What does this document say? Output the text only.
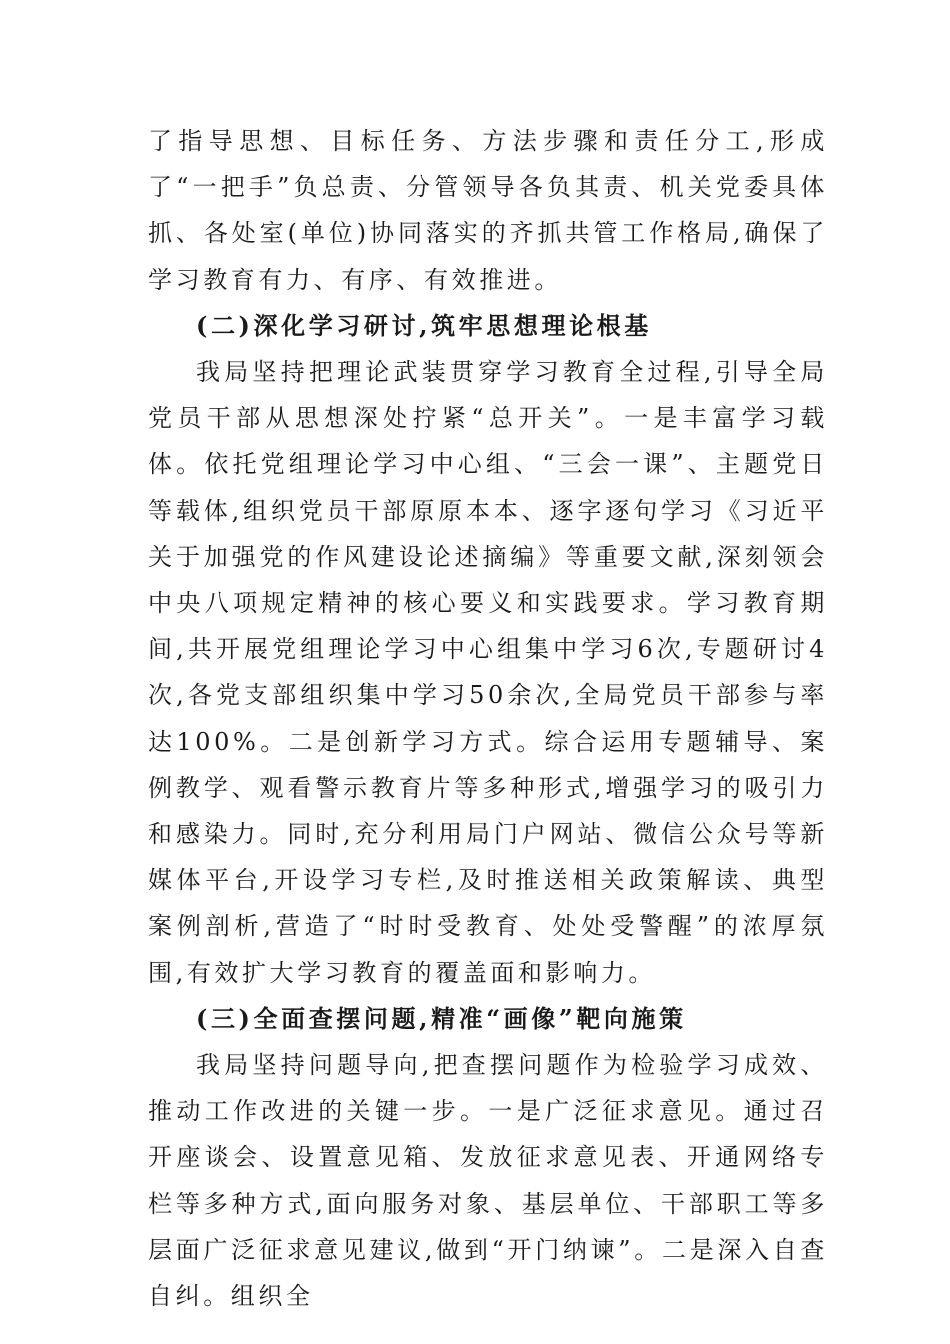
了指导思想、目标任务、方法步骤和责任分工,形成了“一把手”负总责、分管领导各负其责、机关党委具体抓、各处室(单位)协同落实的齐抓共管工作格局,确保了学习教育有力、有序、有效推进。

(二)深化学习研讨,筑牢思想理论根基

我局坚持把理论武装贯穿学习教育全过程,引导全局党员干部从思想深处拧紧“总开关”。一是丰富学习载体。依托党组理论学习中心组、“三会一课”、主题党日等载体,组织党员干部原原本本、逐字逐句学习《习近平关于加强党的作风建设论述摘编》等重要文献,深刻领会中央八项规定精神的核心要义和实践要求。学习教育期间,共开展党组理论学习中心组集中学习6次,专题研讨4次,各党支部组织集中学习50余次,全局党员干部参与率达100%。二是创新学习方式。综合运用专题辅导、案例教学、观看警示教育片等多种形式,增强学习的吸引力和感染力。同时,充分利用局门户网站、微信公众号等新媒体平台,开设学习专栏,及时推送相关政策解读、典型案例剖析,营造了“时时受教育、处处受警醒”的浓厚氛围,有效扩大学习教育的覆盖面和影响力。

(三)全面查摆问题,精准“画像”靶向施策

我局坚持问题导向,把查摆问题作为检验学习成效、推动工作改进的关键一步。一是广泛征求意见。通过召开座谈会、设置意见箱、发放征求意见表、开通网络专栏等多种方式,面向服务对象、基层单位、干部职工等多层面广泛征求意见建议,做到“开门纳谏”。二是深入自查自纠。组织全
